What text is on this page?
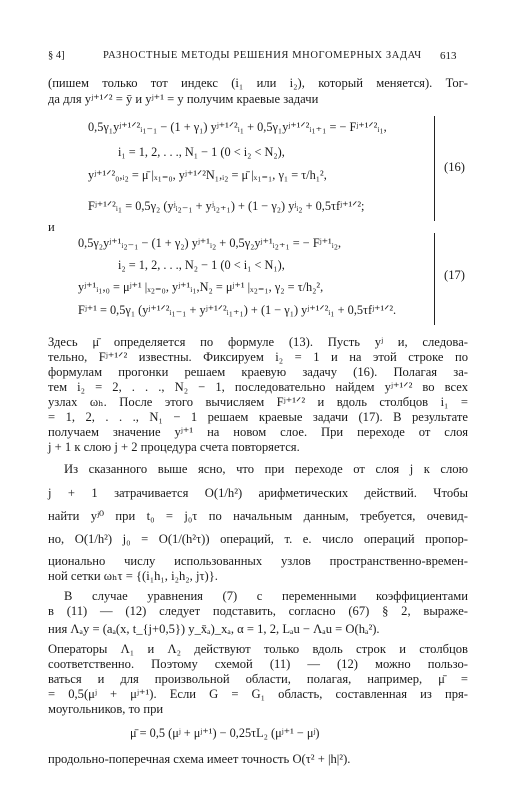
§ 4]	РАЗНОСТНЫЕ МЕТОДЫ РЕШЕНИЯ МНОГОМЕРНЫХ ЗАДАЧ 613
(пишем только тот индекс (i₁ или i₂), который меняется). Тог-
да для yʲ⁺¹ᐟ² = ȳ и yʲ⁺¹ = y получим краевые задачи
0,5γ₁yʲ⁺¹ᐟ²ᵢ₁₋₁ − (1 + γ₁) yʲ⁺¹ᐟ²ᵢ₁ + 0,5γ₁yʲ⁺¹ᐟ²ᵢ₁₊₁ = − Fʲ⁺¹ᐟ²ᵢ₁,
i₁ = 1, 2, . . ., N₁ − 1 (0 < i₂ < N₂),
yʲ⁺¹ᐟ²₀,ᵢ₂ = μ̄ |ₓ₁₌₀, yʲ⁺¹ᐟ²N₁,ᵢ₂ = μ̄ |ₓ₁₌₁, γ₁ = τ/h₁²,
Fʲ⁺¹ᐟ²ᵢ₁ = 0,5γ₂ (yʲᵢ₂₋₁ + yʲᵢ₂₊₁) + (1 − γ₂) yʲᵢ₂ + 0,5τfʲ⁺¹ᐟ²;
(16)
и
0,5γ₂yʲ⁺¹ᵢ₂₋₁ − (1 + γ₂) yʲ⁺¹ᵢ₂ + 0,5γ₂yʲ⁺¹ᵢ₂₊₁ = − Fʲ⁺¹ᵢ₂,
i₂ = 1, 2, . . ., N₂ − 1 (0 < i₁ < N₁),
yʲ⁺¹ᵢ₁,₀ = μʲ⁺¹ |ₓ₂₌₀, yʲ⁺¹ᵢ₁,N₂ = μʲ⁺¹ |ₓ₂₌₁, γ₂ = τ/h₂²,
Fʲ⁺¹ = 0,5γ₁ (yʲ⁺¹ᐟ²ᵢ₁₋₁ + yʲ⁺¹ᐟ²ᵢ₁₊₁) + (1 − γ₁) yʲ⁺¹ᐟ²ᵢ₁ + 0,5τfʲ⁺¹ᐟ².
(17)
Здесь μ̄ определяется по формуле (13). Пусть yʲ и, следова-
тельно, Fʲ⁺¹ᐟ² известны. Фиксируем i₂ = 1 и на этой строке по
формулам прогонки решаем краевую задачу (16). Полагая за-
тем i₂ = 2, . . ., N₂ − 1, последовательно найдем yʲ⁺¹ᐟ² во всех
узлах ωₕ. После этого вычисляем Fʲ⁺¹ᐟ² и вдоль столбцов i₁ =
= 1, 2, . . ., N₁ − 1 решаем краевые задачи (17). В результате
получаем значение yʲ⁺¹ на новом слое. При переходе от слоя
j + 1 к слою j + 2 процедура счета повторяется.
Из сказанного выше ясно, что при переходе от слоя j к слою
j + 1 затрачивается O(1/h²) арифметических действий. Чтобы
найти yʲ⁰ при t₀ = j₀τ по начальным данным, требуется, очевид-
но, O(1/h²) j₀ = O(1/(h²τ)) операций, т. е. число операций пропор-
ционально числу использованных узлов пространственно-времен-
ной сетки ωₕτ = {(i₁h₁, i₂h₂, jτ)}.
В случае уравнения (7) с переменными коэффициентами
в (11) — (12) следует подставить, согласно (67) § 2, выраже-
ния Λₐy = (aₐ(x, t_{j+0,5}) y_x̄ₐ)_xₐ, α = 1, 2, Lₐu − Λₐu = O(hₐ²).
Операторы Λ₁ и Λ₂ действуют только вдоль строк и столбцов
соответственно. Поэтому схемой (11) — (12) можно пользо-
ваться и для произвольной области, полагая, например, μ̄ =
= 0,5(μʲ + μʲ⁺¹). Если G = G₁ область, составленная из пря-
моугольников, то при
μ̄ = 0,5 (μʲ + μʲ⁺¹) − 0,25τL₂ (μʲ⁺¹ − μʲ)
продольно-поперечная схема имеет точность O(τ² + |h|²).
